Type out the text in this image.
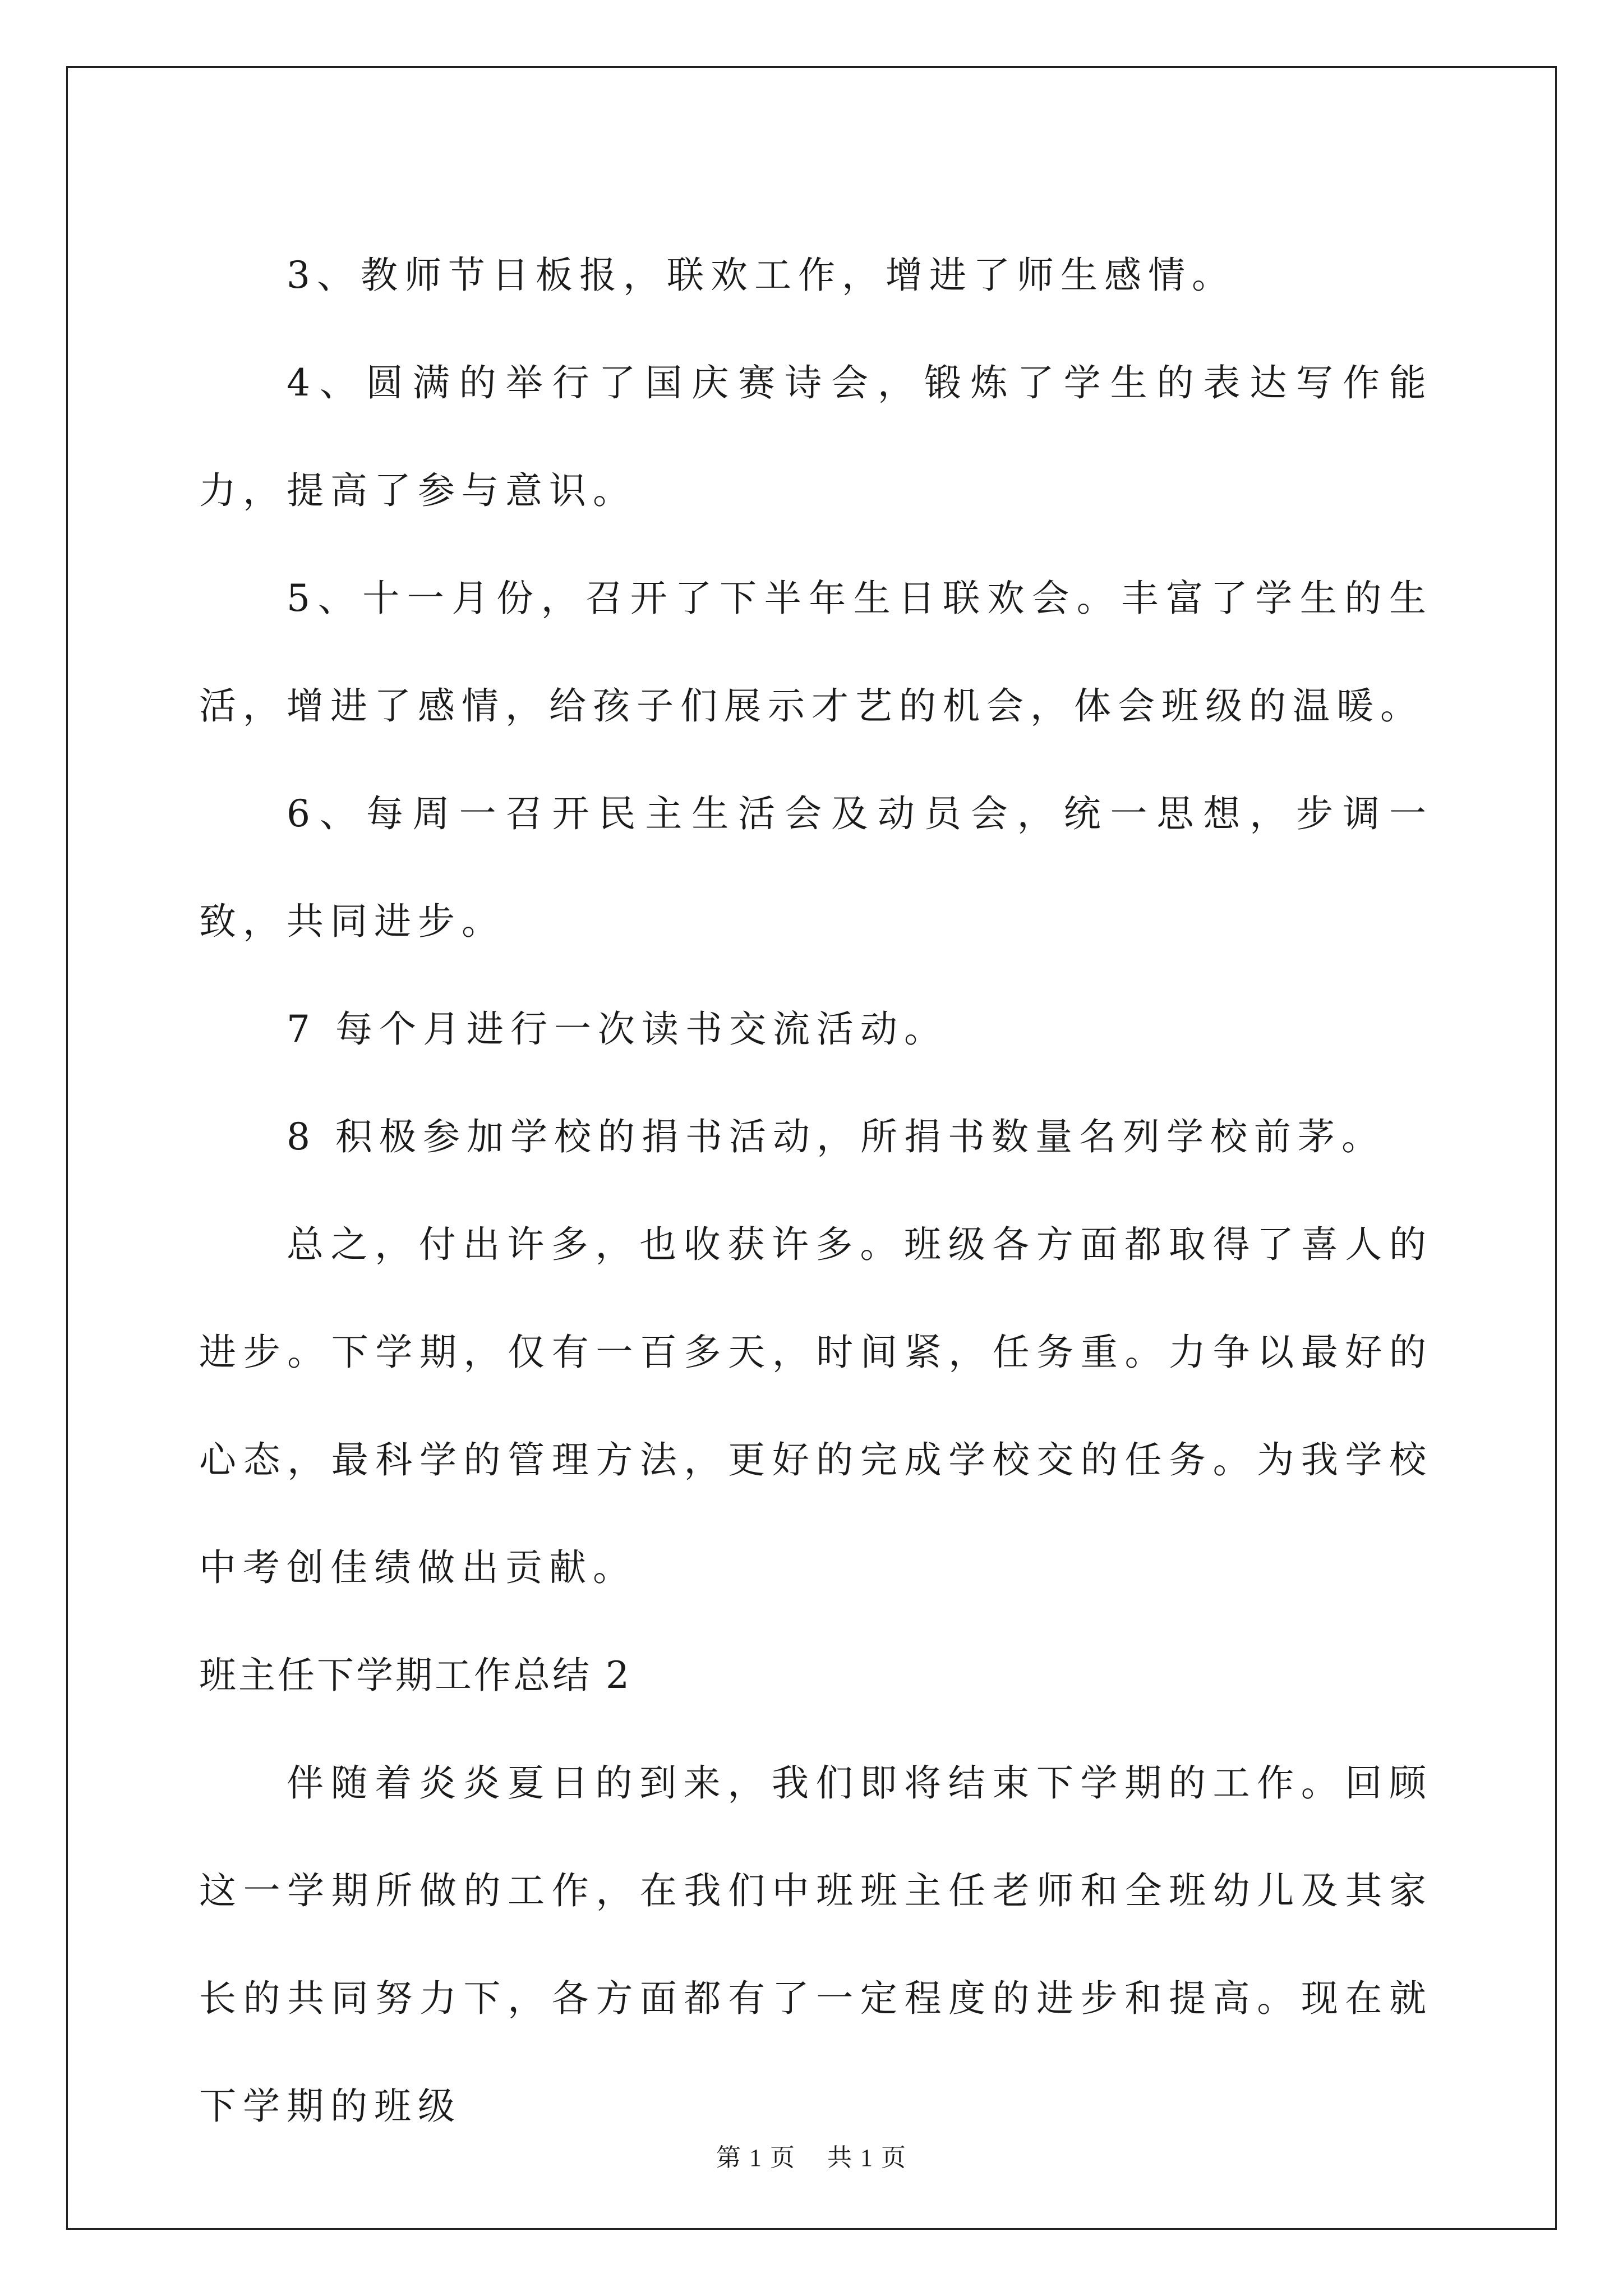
3、教师节日板报，联欢工作，增进了师生感情。

4、圆满的举行了国庆赛诗会，锻炼了学生的表达写作能力，提高了参与意识。

5、十一月份，召开了下半年生日联欢会。丰富了学生的生活，增进了感情，给孩子们展示才艺的机会，体会班级的温暖。

6、每周一召开民主生活会及动员会，统一思想，步调一致，共同进步。

7 每个月进行一次读书交流活动。

8 积极参加学校的捐书活动，所捐书数量名列学校前茅。

总之，付出许多，也收获许多。班级各方面都取得了喜人的进步。下学期，仅有一百多天，时间紧，任务重。力争以最好的心态，最科学的管理方法，更好的完成学校交的任务。为我学校中考创佳绩做出贡献。

班主任下学期工作总结 2

伴随着炎炎夏日的到来，我们即将结束下学期的工作。回顾这一学期所做的工作，在我们中班班主任老师和全班幼儿及其家长的共同努力下，各方面都有了一定程度的进步和提高。现在就下学期的班级

第 1 页 共 1 页
